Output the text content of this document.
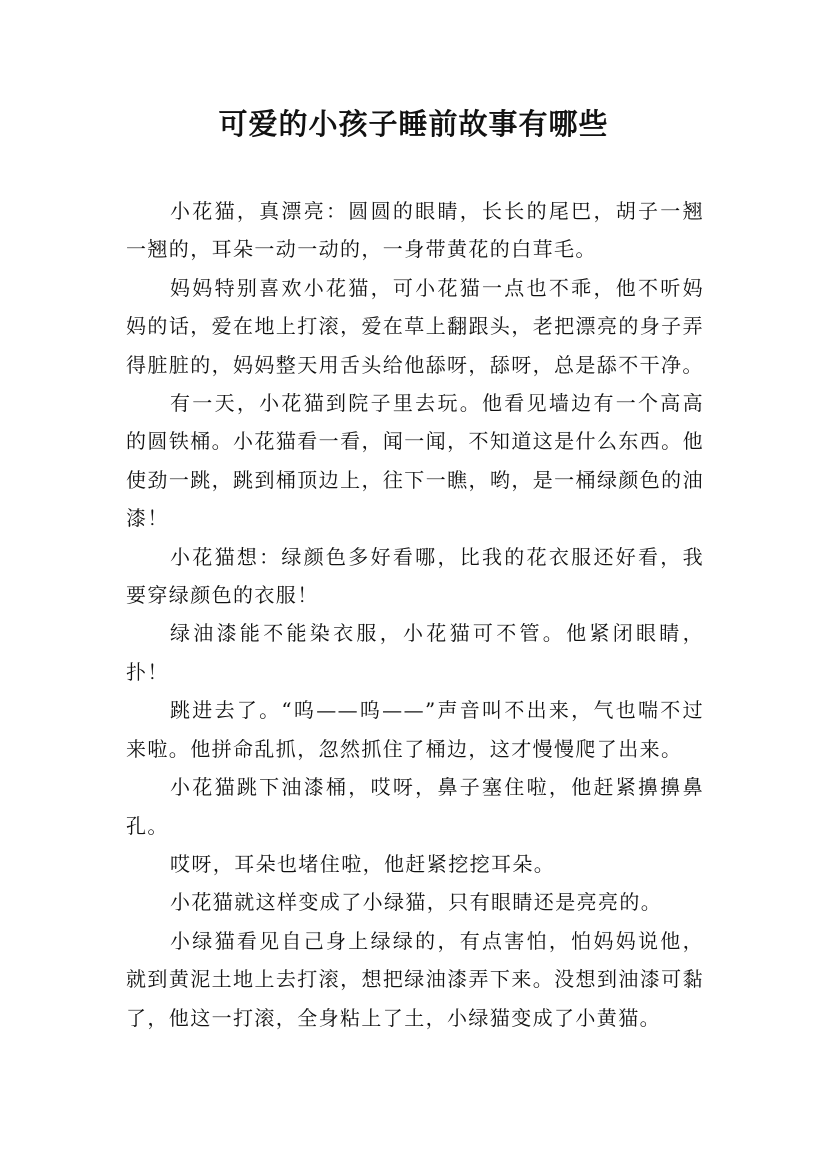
可爱的小孩子睡前故事有哪些

小花猫，真漂亮：圆圆的眼睛，长长的尾巴，胡子一翘一翘的，耳朵一动一动的，一身带黄花的白茸毛。

妈妈特别喜欢小花猫，可小花猫一点也不乖，他不听妈妈的话，爱在地上打滚，爱在草上翻跟头，老把漂亮的身子弄得脏脏的，妈妈整天用舌头给他舔呀，舔呀，总是舔不干净。

有一天，小花猫到院子里去玩。他看见墙边有一个高高的圆铁桶。小花猫看一看，闻一闻，不知道这是什么东西。他使劲一跳，跳到桶顶边上，往下一瞧，哟，是一桶绿颜色的油漆！

小花猫想：绿颜色多好看哪，比我的花衣服还好看，我要穿绿颜色的衣服！

绿油漆能不能染衣服，小花猫可不管。他紧闭眼睛，扑！

跳进去了。“呜——呜——”声音叫不出来，气也喘不过来啦。他拼命乱抓，忽然抓住了桶边，这才慢慢爬了出来。

小花猫跳下油漆桶，哎呀，鼻子塞住啦，他赶紧擤擤鼻孔。

哎呀，耳朵也堵住啦，他赶紧挖挖耳朵。

小花猫就这样变成了小绿猫，只有眼睛还是亮亮的。

小绿猫看见自己身上绿绿的，有点害怕，怕妈妈说他，就到黄泥土地上去打滚，想把绿油漆弄下来。没想到油漆可黏了，他这一打滚，全身粘上了土，小绿猫变成了小黄猫。
